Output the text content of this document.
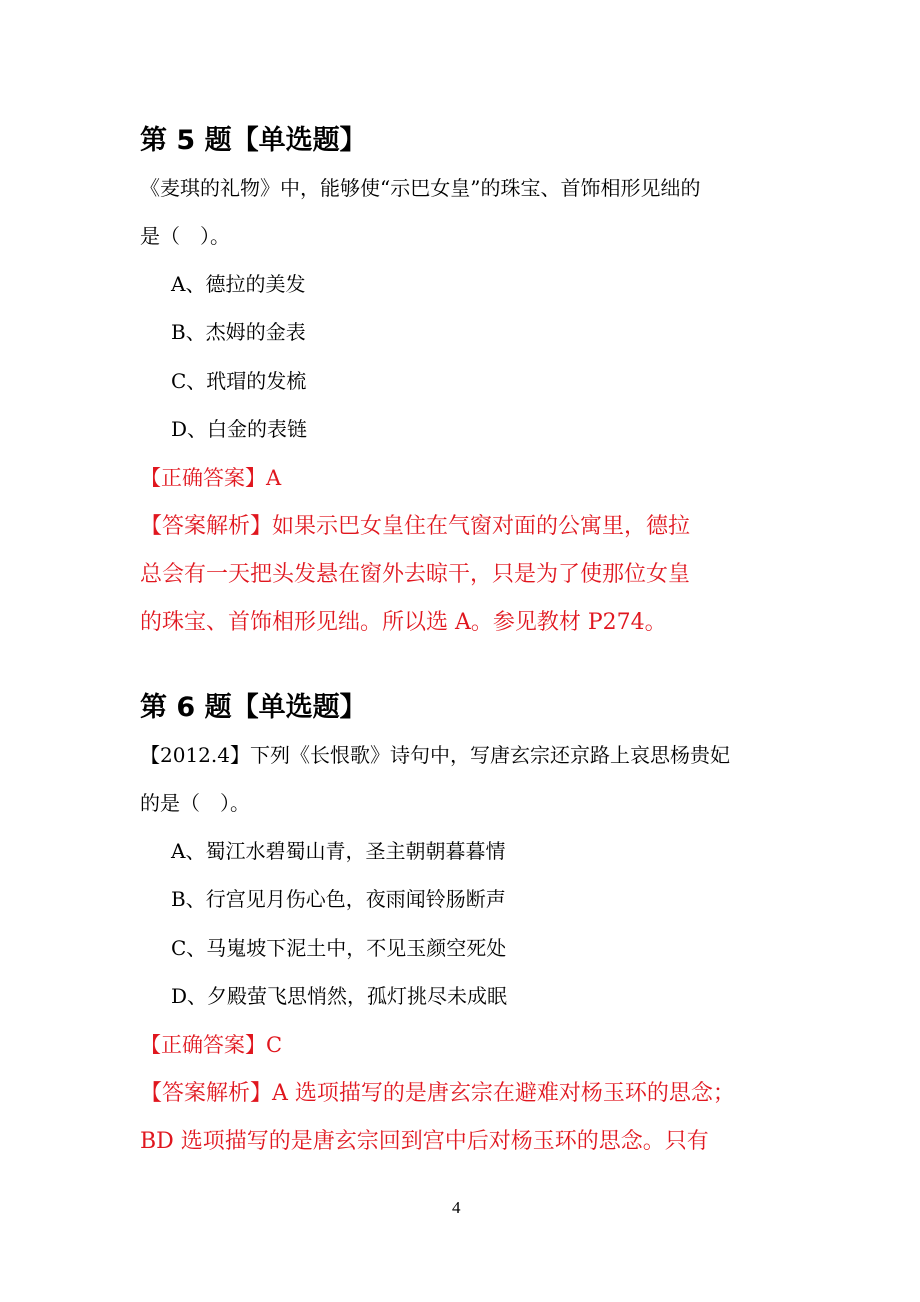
第 5 题【单选题】
《麦琪的礼物》中，能够使“示巴女皇”的珠宝、首饰相形见绌的
是（　）。
A、德拉的美发
B、杰姆的金表
C、玳瑁的发梳
D、白金的表链
【正确答案】A
【答案解析】如果示巴女皇住在气窗对面的公寓里，德拉
总会有一天把头发悬在窗外去晾干，只是为了使那位女皇
的珠宝、首饰相形见绌。所以选 A。参见教材 P274。
第 6 题【单选题】
【2012.4】下列《长恨歌》诗句中，写唐玄宗还京路上哀思杨贵妃
的是（　）。
A、蜀江水碧蜀山青，圣主朝朝暮暮情
B、行宫见月伤心色，夜雨闻铃肠断声
C、马嵬坡下泥土中，不见玉颜空死处
D、夕殿萤飞思悄然，孤灯挑尽未成眠
【正确答案】C
【答案解析】A 选项描写的是唐玄宗在避难对杨玉环的思念；
BD 选项描写的是唐玄宗回到宫中后对杨玉环的思念。只有
4
